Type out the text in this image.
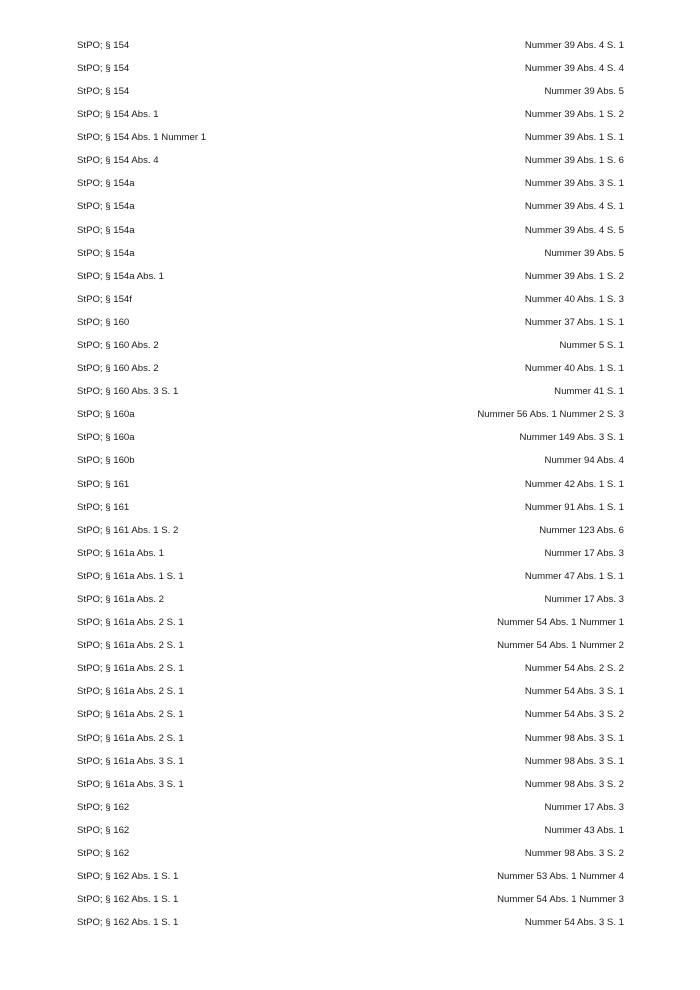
StPO; § 154	Nummer 39 Abs. 4 S. 1
StPO; § 154	Nummer 39 Abs. 4 S. 4
StPO; § 154	Nummer 39 Abs. 5
StPO; § 154 Abs. 1	Nummer 39 Abs. 1 S. 2
StPO; § 154 Abs. 1 Nummer 1	Nummer 39 Abs. 1 S. 1
StPO; § 154 Abs. 4	Nummer 39 Abs. 1 S. 6
StPO; § 154a	Nummer 39 Abs. 3 S. 1
StPO; § 154a	Nummer 39 Abs. 4 S. 1
StPO; § 154a	Nummer 39 Abs. 4 S. 5
StPO; § 154a	Nummer 39 Abs. 5
StPO; § 154a Abs. 1	Nummer 39 Abs. 1 S. 2
StPO; § 154f	Nummer 40 Abs. 1 S. 3
StPO; § 160	Nummer 37 Abs. 1 S. 1
StPO; § 160 Abs. 2	Nummer 5 S. 1
StPO; § 160 Abs. 2	Nummer 40 Abs. 1 S. 1
StPO; § 160 Abs. 3 S. 1	Nummer 41 S. 1
StPO; § 160a	Nummer 56 Abs. 1 Nummer 2 S. 3
StPO; § 160a	Nummer 149 Abs. 3 S. 1
StPO; § 160b	Nummer 94 Abs. 4
StPO; § 161	Nummer 42 Abs. 1 S. 1
StPO; § 161	Nummer 91 Abs. 1 S. 1
StPO; § 161 Abs. 1 S. 2	Nummer 123 Abs. 6
StPO; § 161a Abs. 1	Nummer 17 Abs. 3
StPO; § 161a Abs. 1 S. 1	Nummer 47 Abs. 1 S. 1
StPO; § 161a Abs. 2	Nummer 17 Abs. 3
StPO; § 161a Abs. 2 S. 1	Nummer 54 Abs. 1 Nummer 1
StPO; § 161a Abs. 2 S. 1	Nummer 54 Abs. 1 Nummer 2
StPO; § 161a Abs. 2 S. 1	Nummer 54 Abs. 2 S. 2
StPO; § 161a Abs. 2 S. 1	Nummer 54 Abs. 3 S. 1
StPO; § 161a Abs. 2 S. 1	Nummer 54 Abs. 3 S. 2
StPO; § 161a Abs. 2 S. 1	Nummer 98 Abs. 3 S. 1
StPO; § 161a Abs. 3 S. 1	Nummer 98 Abs. 3 S. 1
StPO; § 161a Abs. 3 S. 1	Nummer 98 Abs. 3 S. 2
StPO; § 162	Nummer 17 Abs. 3
StPO; § 162	Nummer 43 Abs. 1
StPO; § 162	Nummer 98 Abs. 3 S. 2
StPO; § 162 Abs. 1 S. 1	Nummer 53 Abs. 1 Nummer 4
StPO; § 162 Abs. 1 S. 1	Nummer 54 Abs. 1 Nummer 3
StPO; § 162 Abs. 1 S. 1	Nummer 54 Abs. 3 S. 1
